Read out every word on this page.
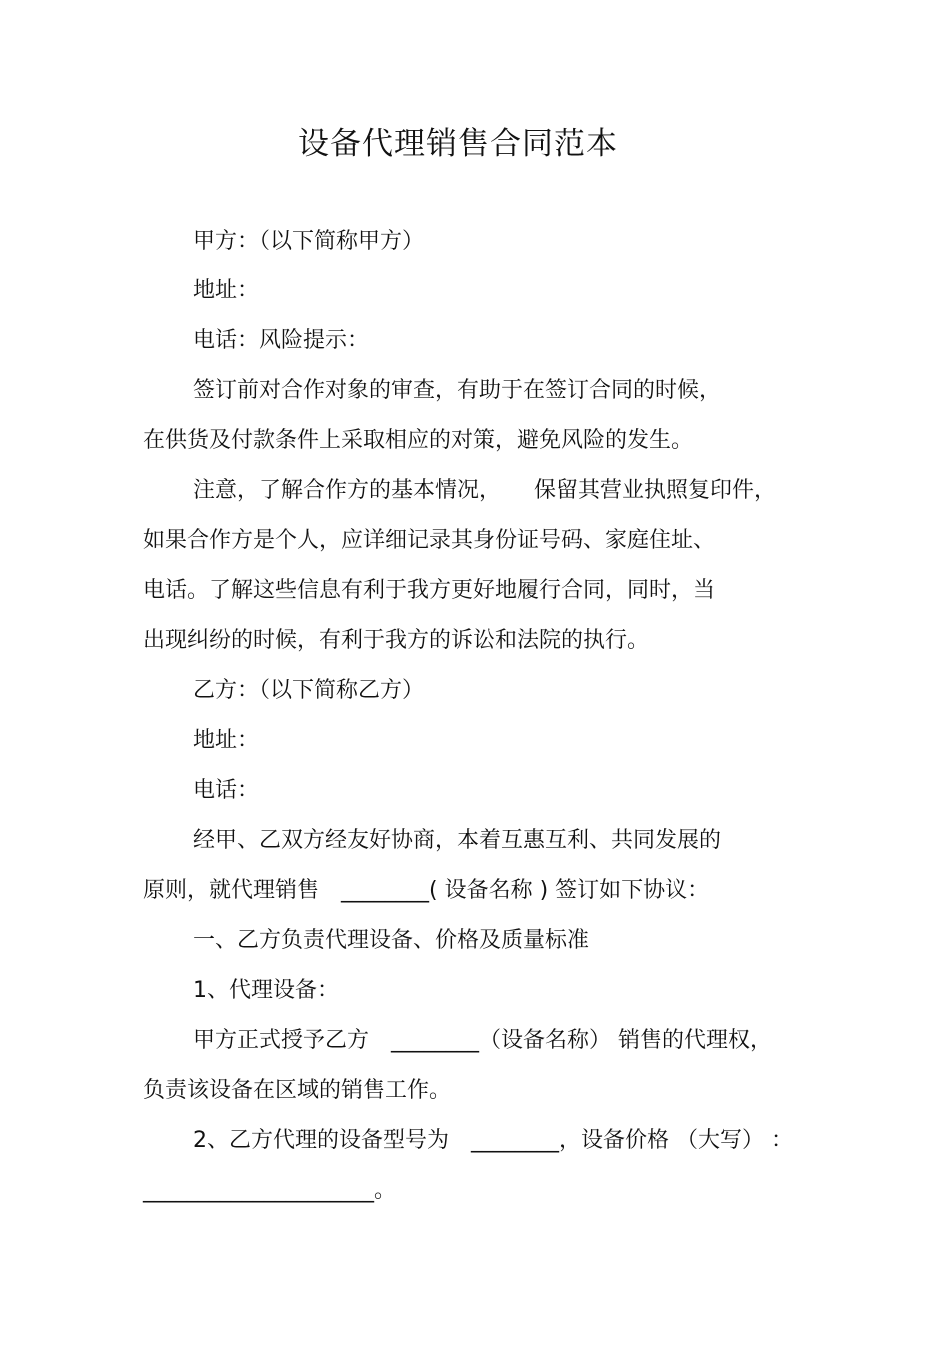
设备代理销售合同范本
甲方：（以下简称甲方）
地址：
电话：风险提示：
签订前对合作对象的审查，有助于在签订合同的时候，
在供货及付款条件上采取相应的对策，避免风险的发生。
注意，了解合作方的基本情况，　　保留其营业执照复印件，
如果合作方是个人，应详细记录其身份证号码、家庭住址、
电话。了解这些信息有利于我方更好地履行合同，同时，当
出现纠纷的时候，有利于我方的诉讼和法院的执行。
乙方：（以下简称乙方）
地址：
电话：
经甲、乙双方经友好协商，本着互惠互利、共同发展的
原则，就代理销售　________( 设备名称 ) 签订如下协议：
一、乙方负责代理设备、价格及质量标准
1、代理设备：
甲方正式授予乙方　________（设备名称） 销售的代理权，
负责该设备在区域的销售工作。
2、乙方代理的设备型号为　________，设备价格 （大写） ：
_____________________。
